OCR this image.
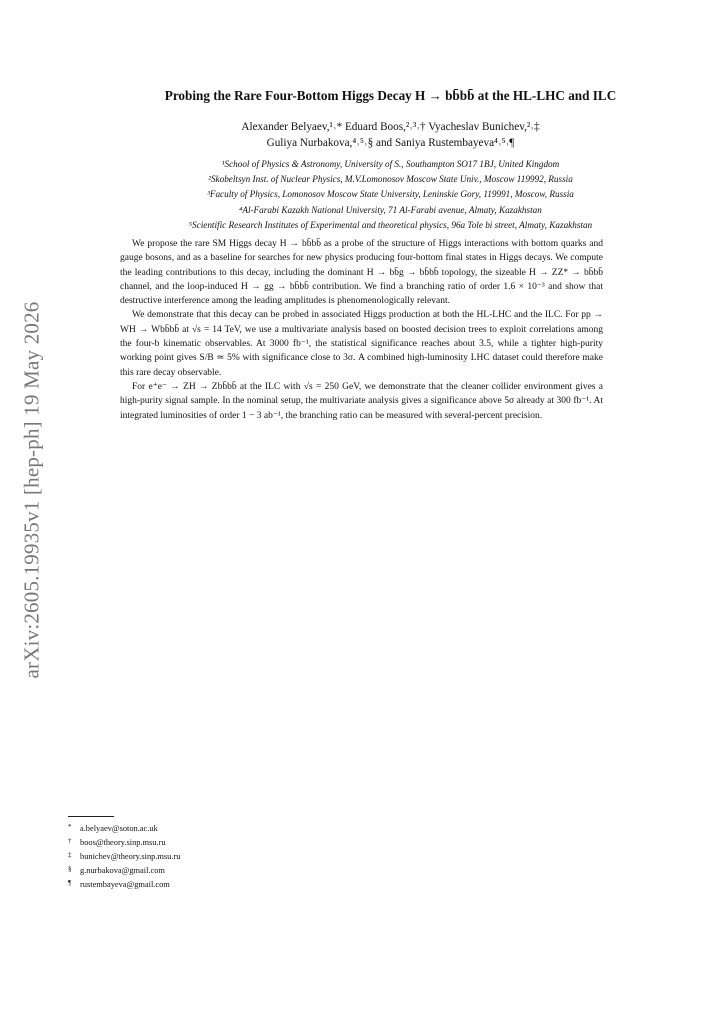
arXiv:2605.19935v1 [hep-ph] 19 May 2026
Probing the Rare Four-Bottom Higgs Decay H → bb̄bb̄ at the HL-LHC and ILC
Alexander Belyaev,¹˒* Eduard Boos,²˒³˒† Vyacheslav Bunichev,²˒‡
Guliya Nurbakova,⁴˒⁵˒§ and Saniya Rustembayeva⁴˒⁵˒¶
¹School of Physics & Astronomy, University of S., Southampton SO17 1BJ, United Kingdom
²Skobeltsyn Inst. of Nuclear Physics, M.V.Lomonosov Moscow State Univ., Moscow 119992, Russia
³Faculty of Physics, Lomonosov Moscow State University, Leninskie Gory, 119991, Moscow, Russia
⁴Al-Farabi Kazakh National University, 71 Al-Farabi avenue, Almaty, Kazakhstan
⁵Scientific Research Institutes of Experimental and theoretical physics, 96a Tole bi street, Almaty, Kazakhstan

We propose the rare SM Higgs decay H → bb̄bb̄ as a probe of the structure of Higgs interactions with bottom quarks and gauge bosons, and as a baseline for searches for new physics producing four-bottom final states in Higgs decays. We compute the leading contributions to this decay, including the dominant H → bb̄g → bb̄bb̄ topology, the sizeable H → ZZ* → bb̄bb̄ channel, and the loop-induced H → gg → bb̄bb̄ contribution. We find a branching ratio of order 1.6 × 10⁻³ and show that destructive interference among the leading amplitudes is phenomenologically relevant.

We demonstrate that this decay can be probed in associated Higgs production at both the HL-LHC and the ILC. For pp → WH → Wbb̄bb̄ at √s = 14 TeV, we use a multivariate analysis based on boosted decision trees to exploit correlations among the four-b kinematic observables. At 3000 fb⁻¹, the statistical significance reaches about 3.5, while a tighter high-purity working point gives S/B ≃ 5% with significance close to 3σ. A combined high-luminosity LHC dataset could therefore make this rare decay observable.

For e⁺e⁻ → ZH → Zbb̄bb̄ at the ILC with √s = 250 GeV, we demonstrate that the cleaner collider environment gives a high-purity signal sample. In the nominal setup, the multivariate analysis gives a significance above 5σ already at 300 fb⁻¹. At integrated luminosities of order 1 − 3 ab⁻¹, the branching ratio can be measured with several-percent precision.

* a.belyaev@soton.ac.uk
† boos@theory.sinp.msu.ru
‡ bunichev@theory.sinp.msu.ru
§ g.nurbakova@gmail.com
¶ rustembayeva@gmail.com
